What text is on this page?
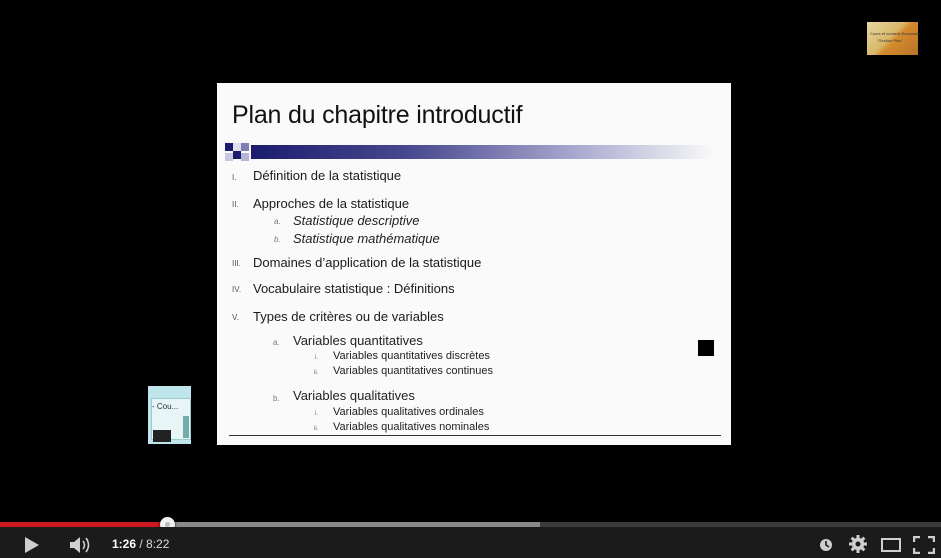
Plan du chapitre introductif
I. Définition de la statistique
II. Approches de la statistique
a. Statistique descriptive
b. Statistique mathématique
III. Domaines d’application de la statistique
IV. Vocabulaire statistique : Définitions
V. Types de critères ou de variables
a. Variables quantitatives
i. Variables quantitatives discrètes
ii. Variables quantitatives continues
b. Variables qualitatives
i. Variables qualitatives ordinales
ii. Variables qualitatives nominales
- Cou...
Cours et conseils Economie
"Gestion Plus"
1:26 / 8:22
